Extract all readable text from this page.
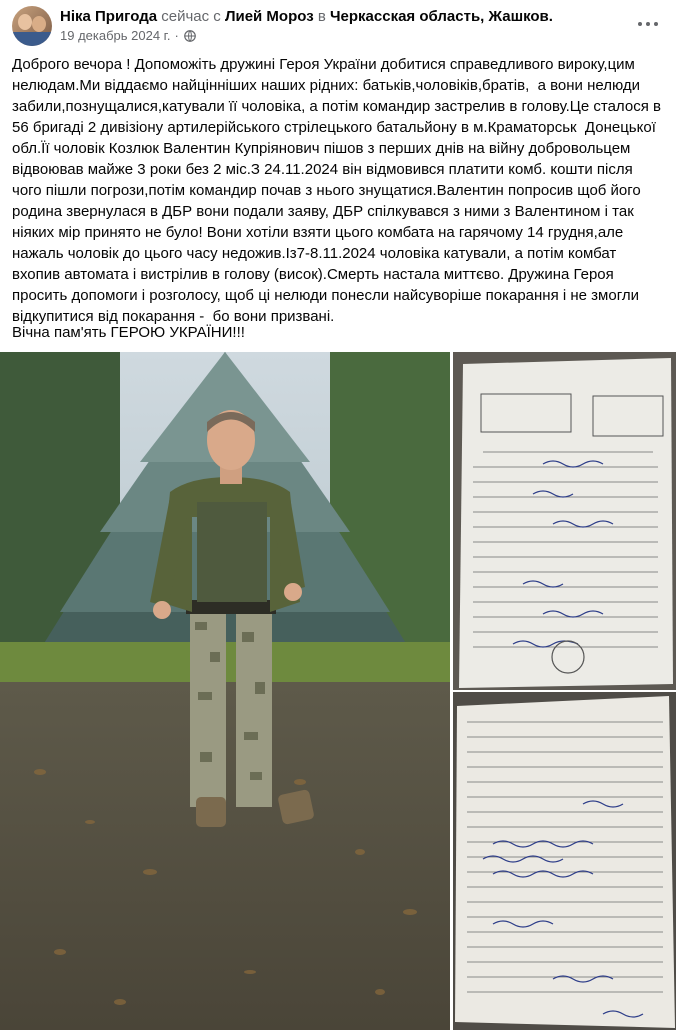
Ніка Пригода сейчас с Лией Мороз в Черкасская область, Жашков.
19 декабрь 2024 г. ·
Доброго вечора ! Допоможіть дружині Героя України добитися справедливого вироку,цим нелюдам.Ми віддаємо найцінніших наших рідних: батьків,чоловіків,братів,  а вони нелюди забили,познущалися,катували її чоловіка, а потім командир застрелив в голову.Це сталося в 56 бригаді 2 дивізіону артилерійського стрілецького батальйону в м.Краматорськ  Донецької обл.Її чоловік Козлюк Валентин Купріянович пішов з перших днів на війну добровольцем відвоював майже 3 роки без 2 міс.З 24.11.2024 він відмовився платити комб. кошти після чого пішли погрози,потім командир почав з нього знущатися.Валентин попросив щоб його родина звернулася в ДБР вони подали заяву, ДБР спілкувався з ними з Валентином і так ніяких мір принято не було! Вони хотіли взяти цього комбата на гарячому 14 грудня,але нажаль чоловік до цього часу недожив.Із7-8.11.2024 чоловіка катували, а потім комбат вхопив автомата і вистрілив в голову (висок).Смерть настала миттєво. Дружина Героя просить допомоги і розголосу, щоб ці нелюди понесли найсуворіше покарання і не змогли відкупитися від покарання -  бо вони призвані.
Вічна пам'ять ГЕРОЮ УКРАЇНИ!!!
